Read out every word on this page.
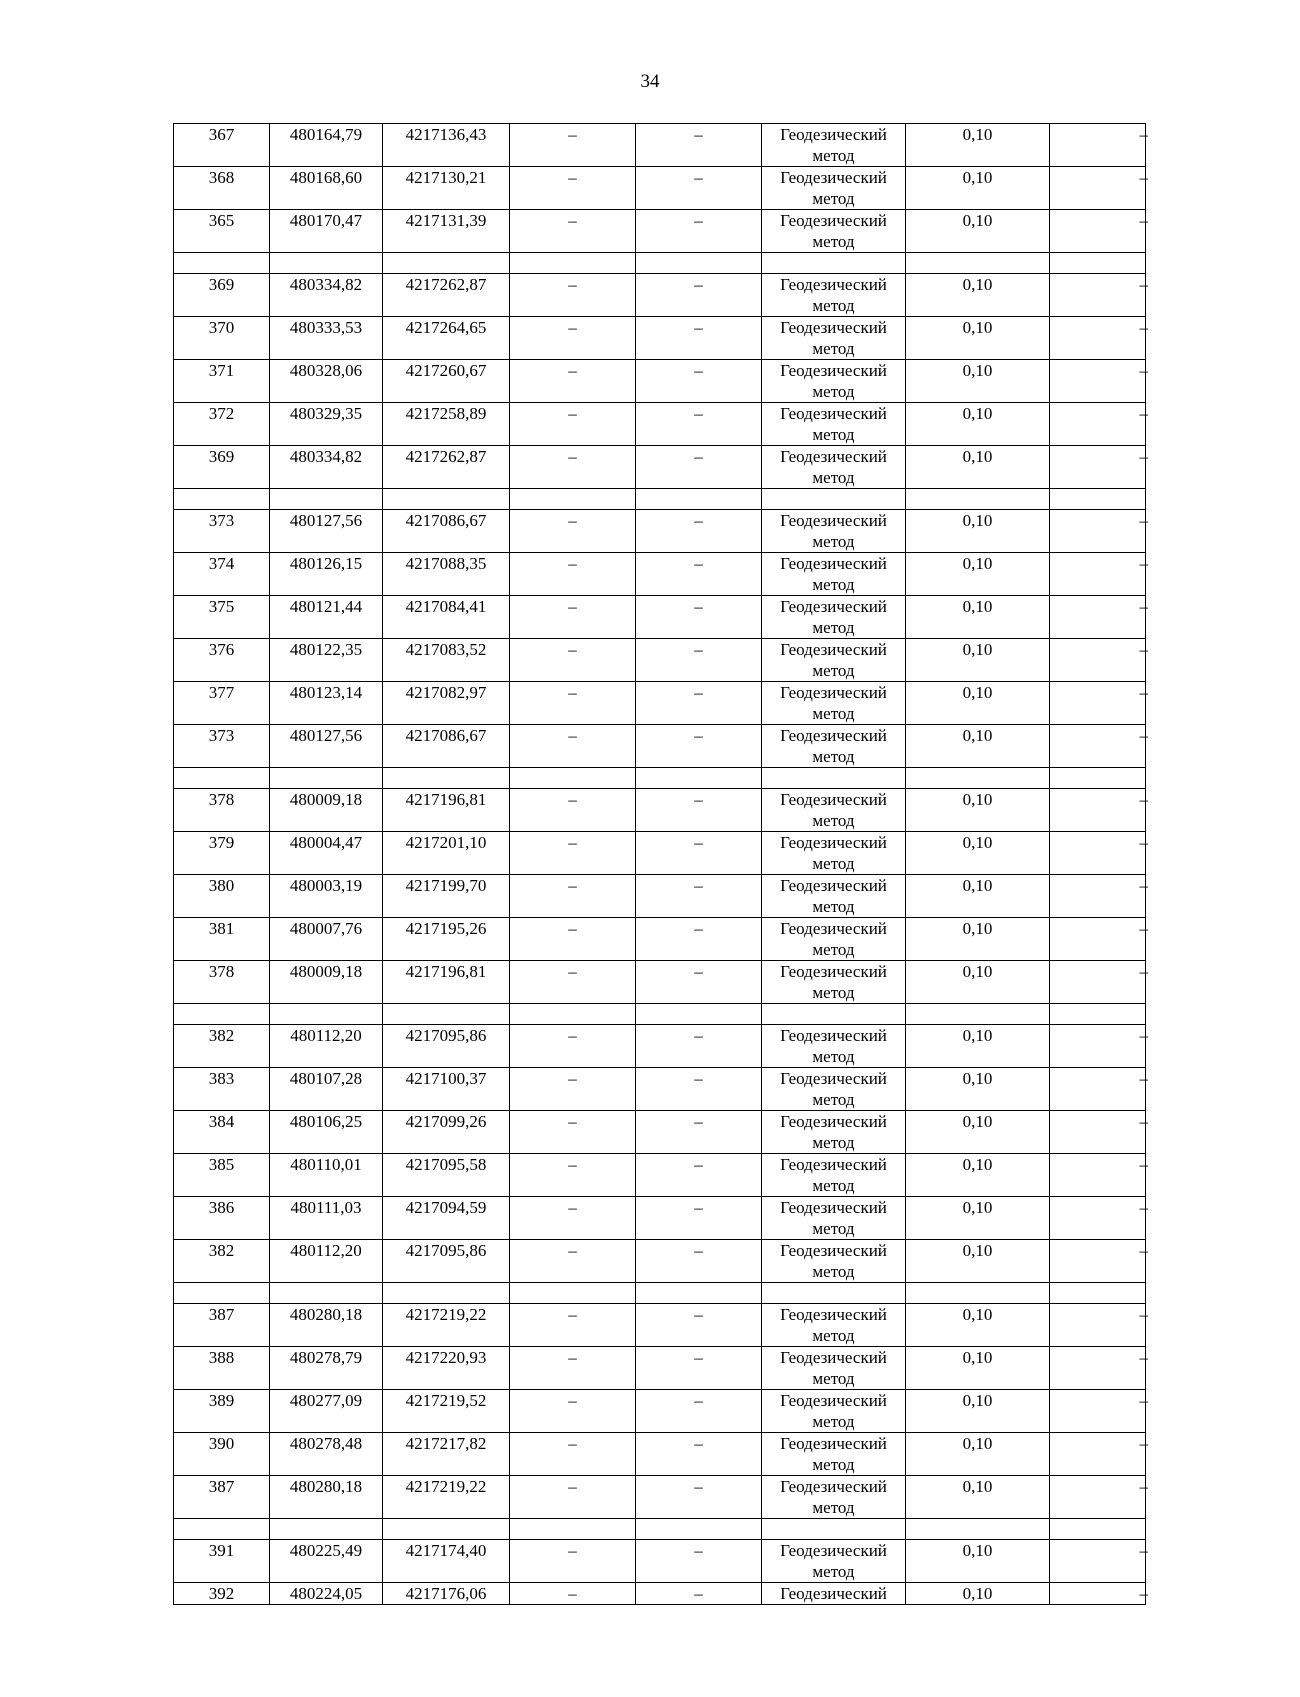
34
367	480164,79	4217136,43	–	–	Геодезический метод	0,10	–
368	480168,60	4217130,21	–	–	Геодезический метод	0,10	–
365	480170,47	4217131,39	–	–	Геодезический метод	0,10	–

369	480334,82	4217262,87	–	–	Геодезический метод	0,10	–
370	480333,53	4217264,65	–	–	Геодезический метод	0,10	–
371	480328,06	4217260,67	–	–	Геодезический метод	0,10	–
372	480329,35	4217258,89	–	–	Геодезический метод	0,10	–
369	480334,82	4217262,87	–	–	Геодезический метод	0,10	–

373	480127,56	4217086,67	–	–	Геодезический метод	0,10	–
374	480126,15	4217088,35	–	–	Геодезический метод	0,10	–
375	480121,44	4217084,41	–	–	Геодезический метод	0,10	–
376	480122,35	4217083,52	–	–	Геодезический метод	0,10	–
377	480123,14	4217082,97	–	–	Геодезический метод	0,10	–
373	480127,56	4217086,67	–	–	Геодезический метод	0,10	–

378	480009,18	4217196,81	–	–	Геодезический метод	0,10	–
379	480004,47	4217201,10	–	–	Геодезический метод	0,10	–
380	480003,19	4217199,70	–	–	Геодезический метод	0,10	–
381	480007,76	4217195,26	–	–	Геодезический метод	0,10	–
378	480009,18	4217196,81	–	–	Геодезический метод	0,10	–

382	480112,20	4217095,86	–	–	Геодезический метод	0,10	–
383	480107,28	4217100,37	–	–	Геодезический метод	0,10	–
384	480106,25	4217099,26	–	–	Геодезический метод	0,10	–
385	480110,01	4217095,58	–	–	Геодезический метод	0,10	–
386	480111,03	4217094,59	–	–	Геодезический метод	0,10	–
382	480112,20	4217095,86	–	–	Геодезический метод	0,10	–

387	480280,18	4217219,22	–	–	Геодезический метод	0,10	–
388	480278,79	4217220,93	–	–	Геодезический метод	0,10	–
389	480277,09	4217219,52	–	–	Геодезический метод	0,10	–
390	480278,48	4217217,82	–	–	Геодезический метод	0,10	–
387	480280,18	4217219,22	–	–	Геодезический метод	0,10	–

391	480225,49	4217174,40	–	–	Геодезический метод	0,10	–
392	480224,05	4217176,06	–	–	Геодезический	0,10	–
